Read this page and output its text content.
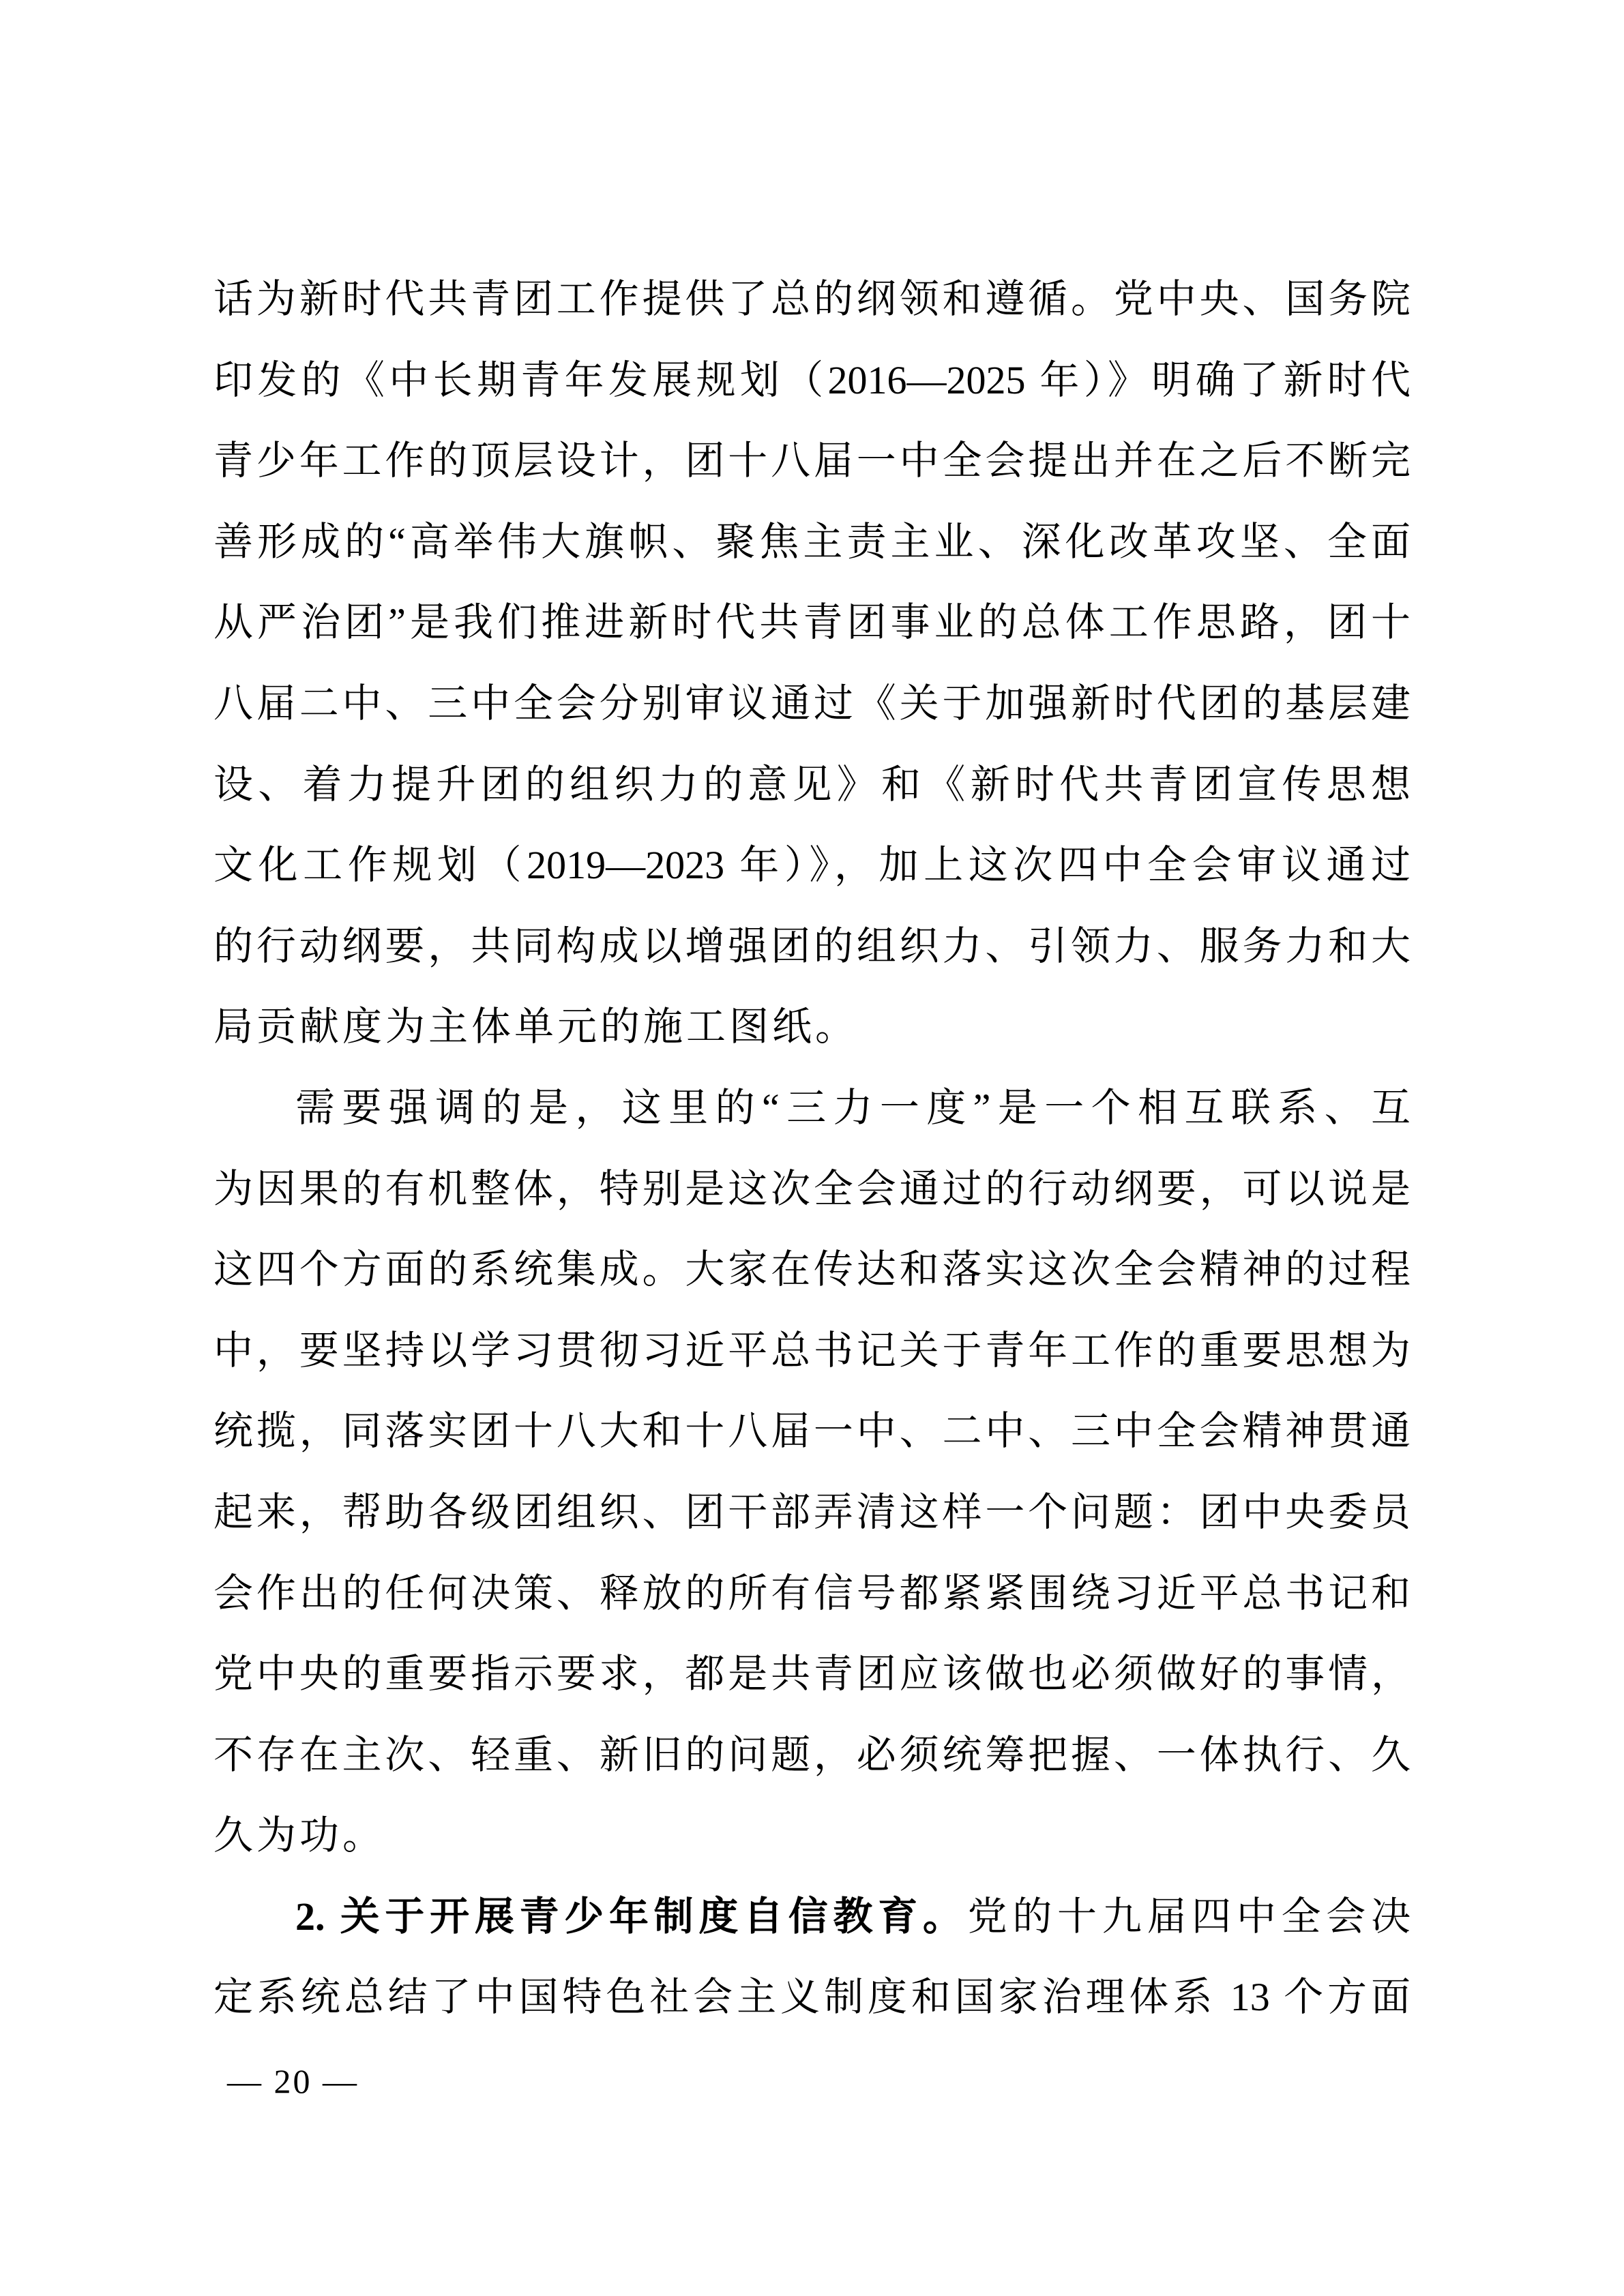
话为新时代共青团工作提供了总的纲领和遵循。党中央、国务院
印发的《中长期青年发展规划（2016—2025 年）》明确了新时代
青少年工作的顶层设计，团十八届一中全会提出并在之后不断完
善形成的“高举伟大旗帜、聚焦主责主业、深化改革攻坚、全面
从严治团”是我们推进新时代共青团事业的总体工作思路，团十
八届二中、三中全会分别审议通过《关于加强新时代团的基层建
设、着力提升团的组织力的意见》和《新时代共青团宣传思想
文化工作规划（2019—2023 年）》，加上这次四中全会审议通过
的行动纲要，共同构成以增强团的组织力、引领力、服务力和大
局贡献度为主体单元的施工图纸。
需要强调的是，这里的“三力一度”是一个相互联系、互
为因果的有机整体，特别是这次全会通过的行动纲要，可以说是
这四个方面的系统集成。大家在传达和落实这次全会精神的过程
中，要坚持以学习贯彻习近平总书记关于青年工作的重要思想为
统揽，同落实团十八大和十八届一中、二中、三中全会精神贯通
起来，帮助各级团组织、团干部弄清这样一个问题：团中央委员
会作出的任何决策、释放的所有信号都紧紧围绕习近平总书记和
党中央的重要指示要求，都是共青团应该做也必须做好的事情，
不存在主次、轻重、新旧的问题，必须统筹把握、一体执行、久
久为功。
2. 关于开展青少年制度自信教育。党的十九届四中全会决
定系统总结了中国特色社会主义制度和国家治理体系 13 个方面
— 20 —
